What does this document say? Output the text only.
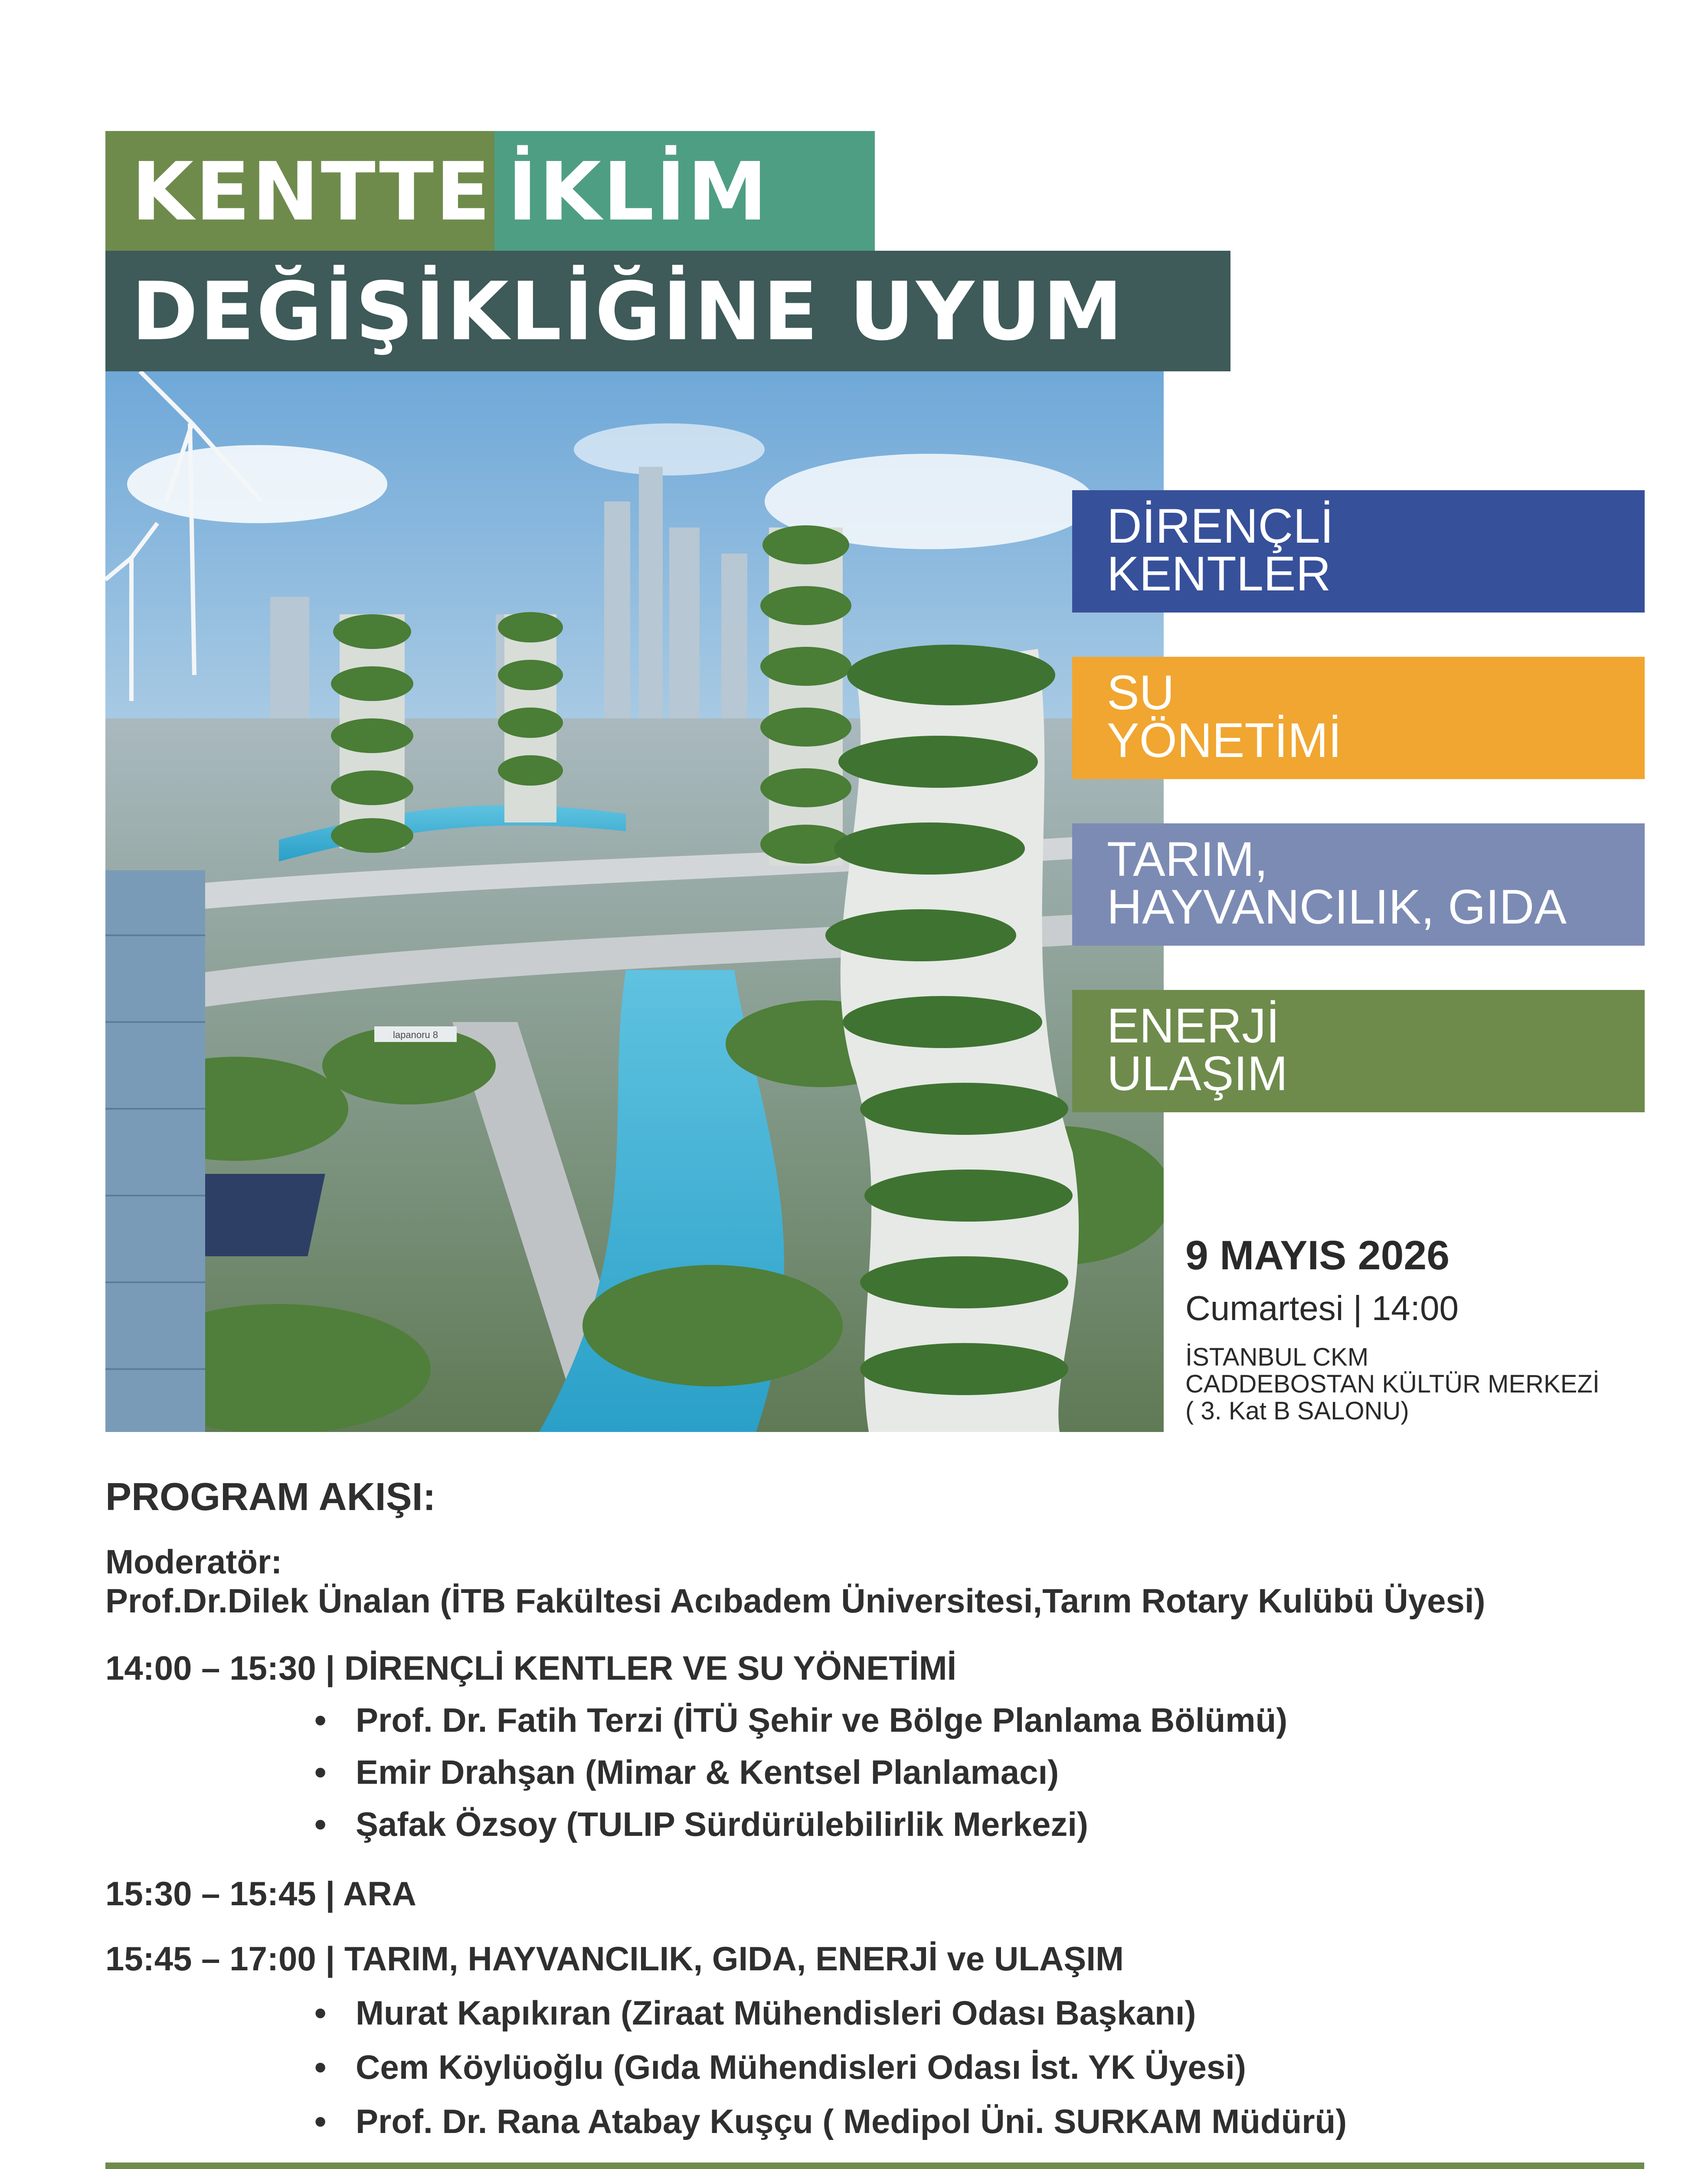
KENTTE İKLİM
DEĞİŞİKLİĞİNE UYUM
lapanoru 8
DİRENÇLİ
KENTLER
SU
YÖNETİMİ
TARIM,
HAYVANCILIK, GIDA
ENERJİ
ULAŞIM
9 MAYIS 2026
Cumartesi | 14:00
İSTANBUL CKM
CADDEBOSTAN KÜLTÜR MERKEZİ
( 3. Kat B SALONU)
PROGRAM AKIŞI:
Moderatör:
Prof.Dr.Dilek Ünalan (İTB Fakültesi Acıbadem Üniversitesi,Tarım Rotary Kulübü Üyesi)
14:00 – 15:30 | DİRENÇLİ KENTLER VE SU YÖNETİMİ
• Prof. Dr. Fatih Terzi (İTÜ Şehir ve Bölge Planlama Bölümü)
• Emir Drahşan (Mimar & Kentsel Planlamacı)
• Şafak Özsoy (TULIP Sürdürülebilirlik Merkezi)
15:30 – 15:45 | ARA
15:45 – 17:00 | TARIM, HAYVANCILIK, GIDA, ENERJİ ve ULAŞIM
• Murat Kapıkıran (Ziraat Mühendisleri Odası Başkanı)
• Cem Köylüoğlu (Gıda Mühendisleri Odası İst. YK Üyesi)
• Prof. Dr. Rana Atabay Kuşçu ( Medipol Üni. SURKAM Müdürü)
